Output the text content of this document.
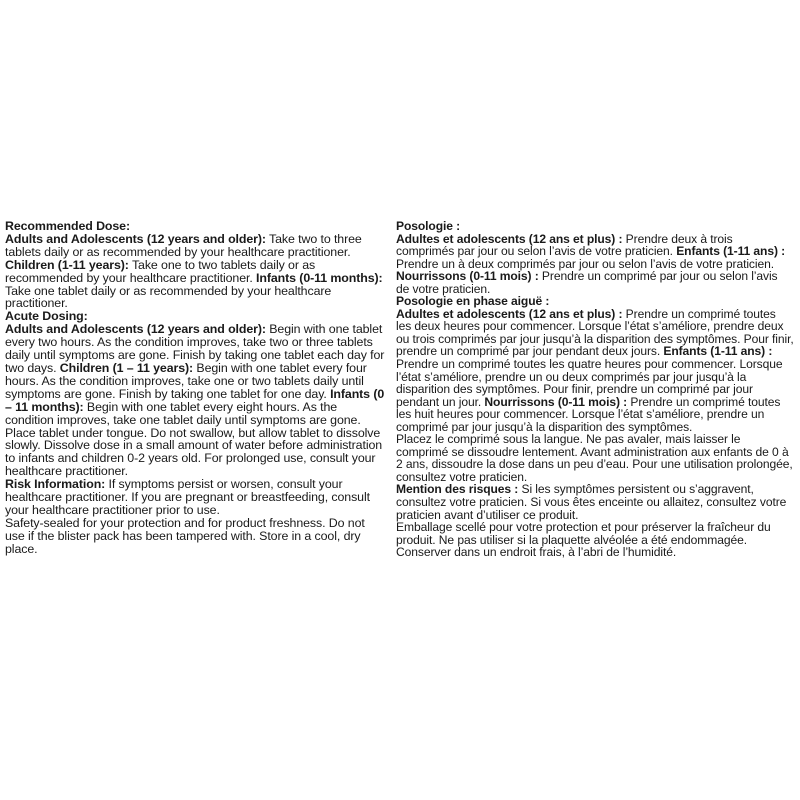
Recommended Dose:

Adults and Adolescents (12 years and older): Take two to three tablets daily or as recommended by your healthcare practitioner.

Children (1-11 years): Take one to two tablets daily or as recommended by your healthcare practitioner. Infants (0-11 months): Take one tablet daily or as recommended by your healthcare practitioner.

Acute Dosing:

Adults and Adolescents (12 years and older): Begin with one tablet every two hours. As the condition improves, take two or three tablets daily until symptoms are gone. Finish by taking one tablet each day for two days. Children (1 – 11 years): Begin with one tablet every four hours. As the condition improves, take one or two tablets daily until symptoms are gone. Finish by taking one tablet for one day. Infants (0 – 11 months): Begin with one tablet every eight hours. As the condition improves, take one tablet daily until symptoms are gone.

Place tablet under tongue. Do not swallow, but allow tablet to dissolve slowly. Dissolve dose in a small amount of water before administration to infants and children 0-2 years old. For prolonged use, consult your healthcare practitioner.

Risk Information: If symptoms persist or worsen, consult your healthcare practitioner. If you are pregnant or breastfeeding, consult your healthcare practitioner prior to use.

Safety-sealed for your protection and for product freshness. Do not use if the blister pack has been tampered with. Store in a cool, dry place.

Posologie :

Adultes et adolescents (12 ans et plus) : Prendre deux à trois comprimés par jour ou selon l’avis de votre praticien. Enfants (1-11 ans) : Prendre un à deux comprimés par jour ou selon l’avis de votre praticien. Nourrissons (0-11 mois) : Prendre un comprimé par jour ou selon l’avis de votre praticien.

Posologie en phase aiguë :

Adultes et adolescents (12 ans et plus) : Prendre un comprimé toutes les deux heures pour commencer. Lorsque l’état s’améliore, prendre deux ou trois comprimés par jour jusqu’à la disparition des symptômes. Pour finir, prendre un comprimé par jour pendant deux jours. Enfants (1-11 ans) : Prendre un comprimé toutes les quatre heures pour commencer. Lorsque l’état s’améliore, prendre un ou deux comprimés par jour jusqu’à la disparition des symptômes. Pour finir, prendre un comprimé par jour pendant un jour. Nourrissons (0-11 mois) : Prendre un comprimé toutes les huit heures pour commencer. Lorsque l’état s’améliore, prendre un comprimé par jour jusqu’à la disparition des symptômes.

Placez le comprimé sous la langue. Ne pas avaler, mais laisser le comprimé se dissoudre lentement. Avant administration aux enfants de 0 à 2 ans, dissoudre la dose dans un peu d’eau. Pour une utilisation prolongée, consultez votre praticien.

Mention des risques : Si les symptômes persistent ou s’aggravent, consultez votre praticien. Si vous êtes enceinte ou allaitez, consultez votre praticien avant d’utiliser ce produit.

Emballage scellé pour votre protection et pour préserver la fraîcheur du produit. Ne pas utiliser si la plaquette alvéolée a été endommagée. Conserver dans un endroit frais, à l’abri de l’humidité.
